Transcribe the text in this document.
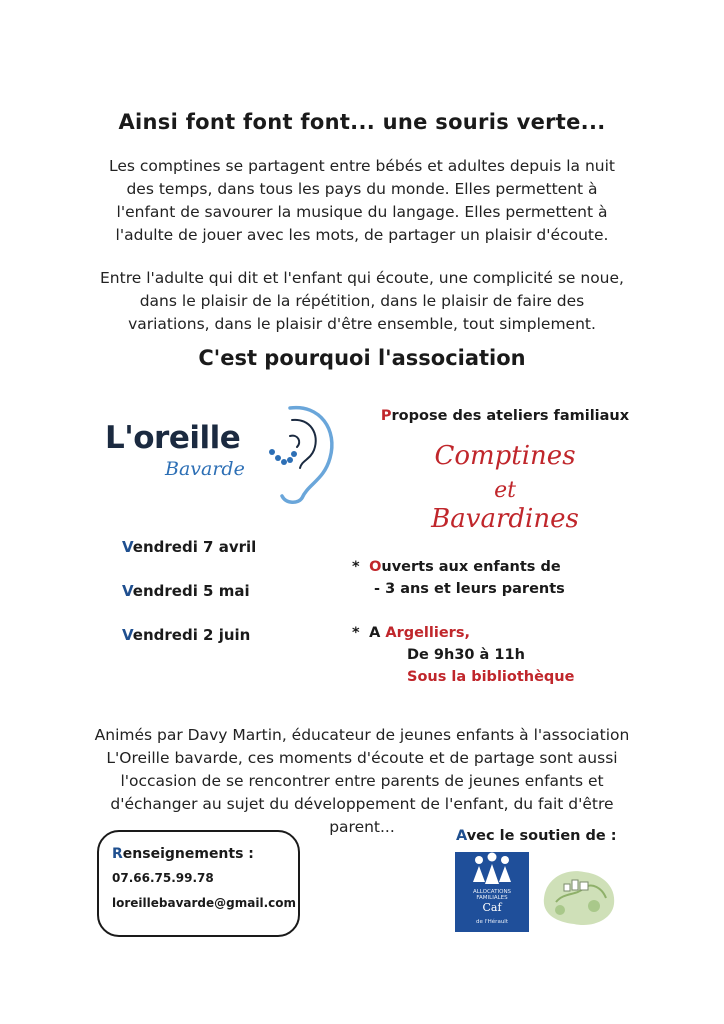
Ainsi font font font... une souris verte...
Les comptines se partagent entre bébés et adultes depuis la nuit
des temps, dans tous les pays du monde. Elles permettent à
l'enfant de savourer la musique du langage. Elles permettent à
l'adulte de jouer avec les mots, de partager un plaisir d'écoute.
Entre l'adulte qui dit et l'enfant qui écoute, une complicité se noue,
dans le plaisir de la répétition, dans le plaisir de faire des
variations, dans le plaisir d'être ensemble, tout simplement.
C'est pourquoi l'association
L'oreille
Bavarde
Vendredi 7 avril
Vendredi 5 mai
Vendredi 2 juin
Propose des ateliers familiaux
Comptines
et
Bavardines
* Ouverts aux enfants de
- 3 ans et leurs parents
* A Argelliers,
De 9h30 à 11h
Sous la bibliothèque
Animés par Davy Martin, éducateur de jeunes enfants à l'association
L'Oreille bavarde, ces moments d'écoute et de partage sont aussi
l'occasion de se rencontrer entre parents de jeunes enfants et
d'échanger au sujet du développement de l'enfant, du fait d'être
parent...
Renseignements :
07.66.75.99.78
loreillebavarde@gmail.com
Avec le soutien de :
ALLOCATIONS
FAMILIALES
Caf
de l'Hérault
